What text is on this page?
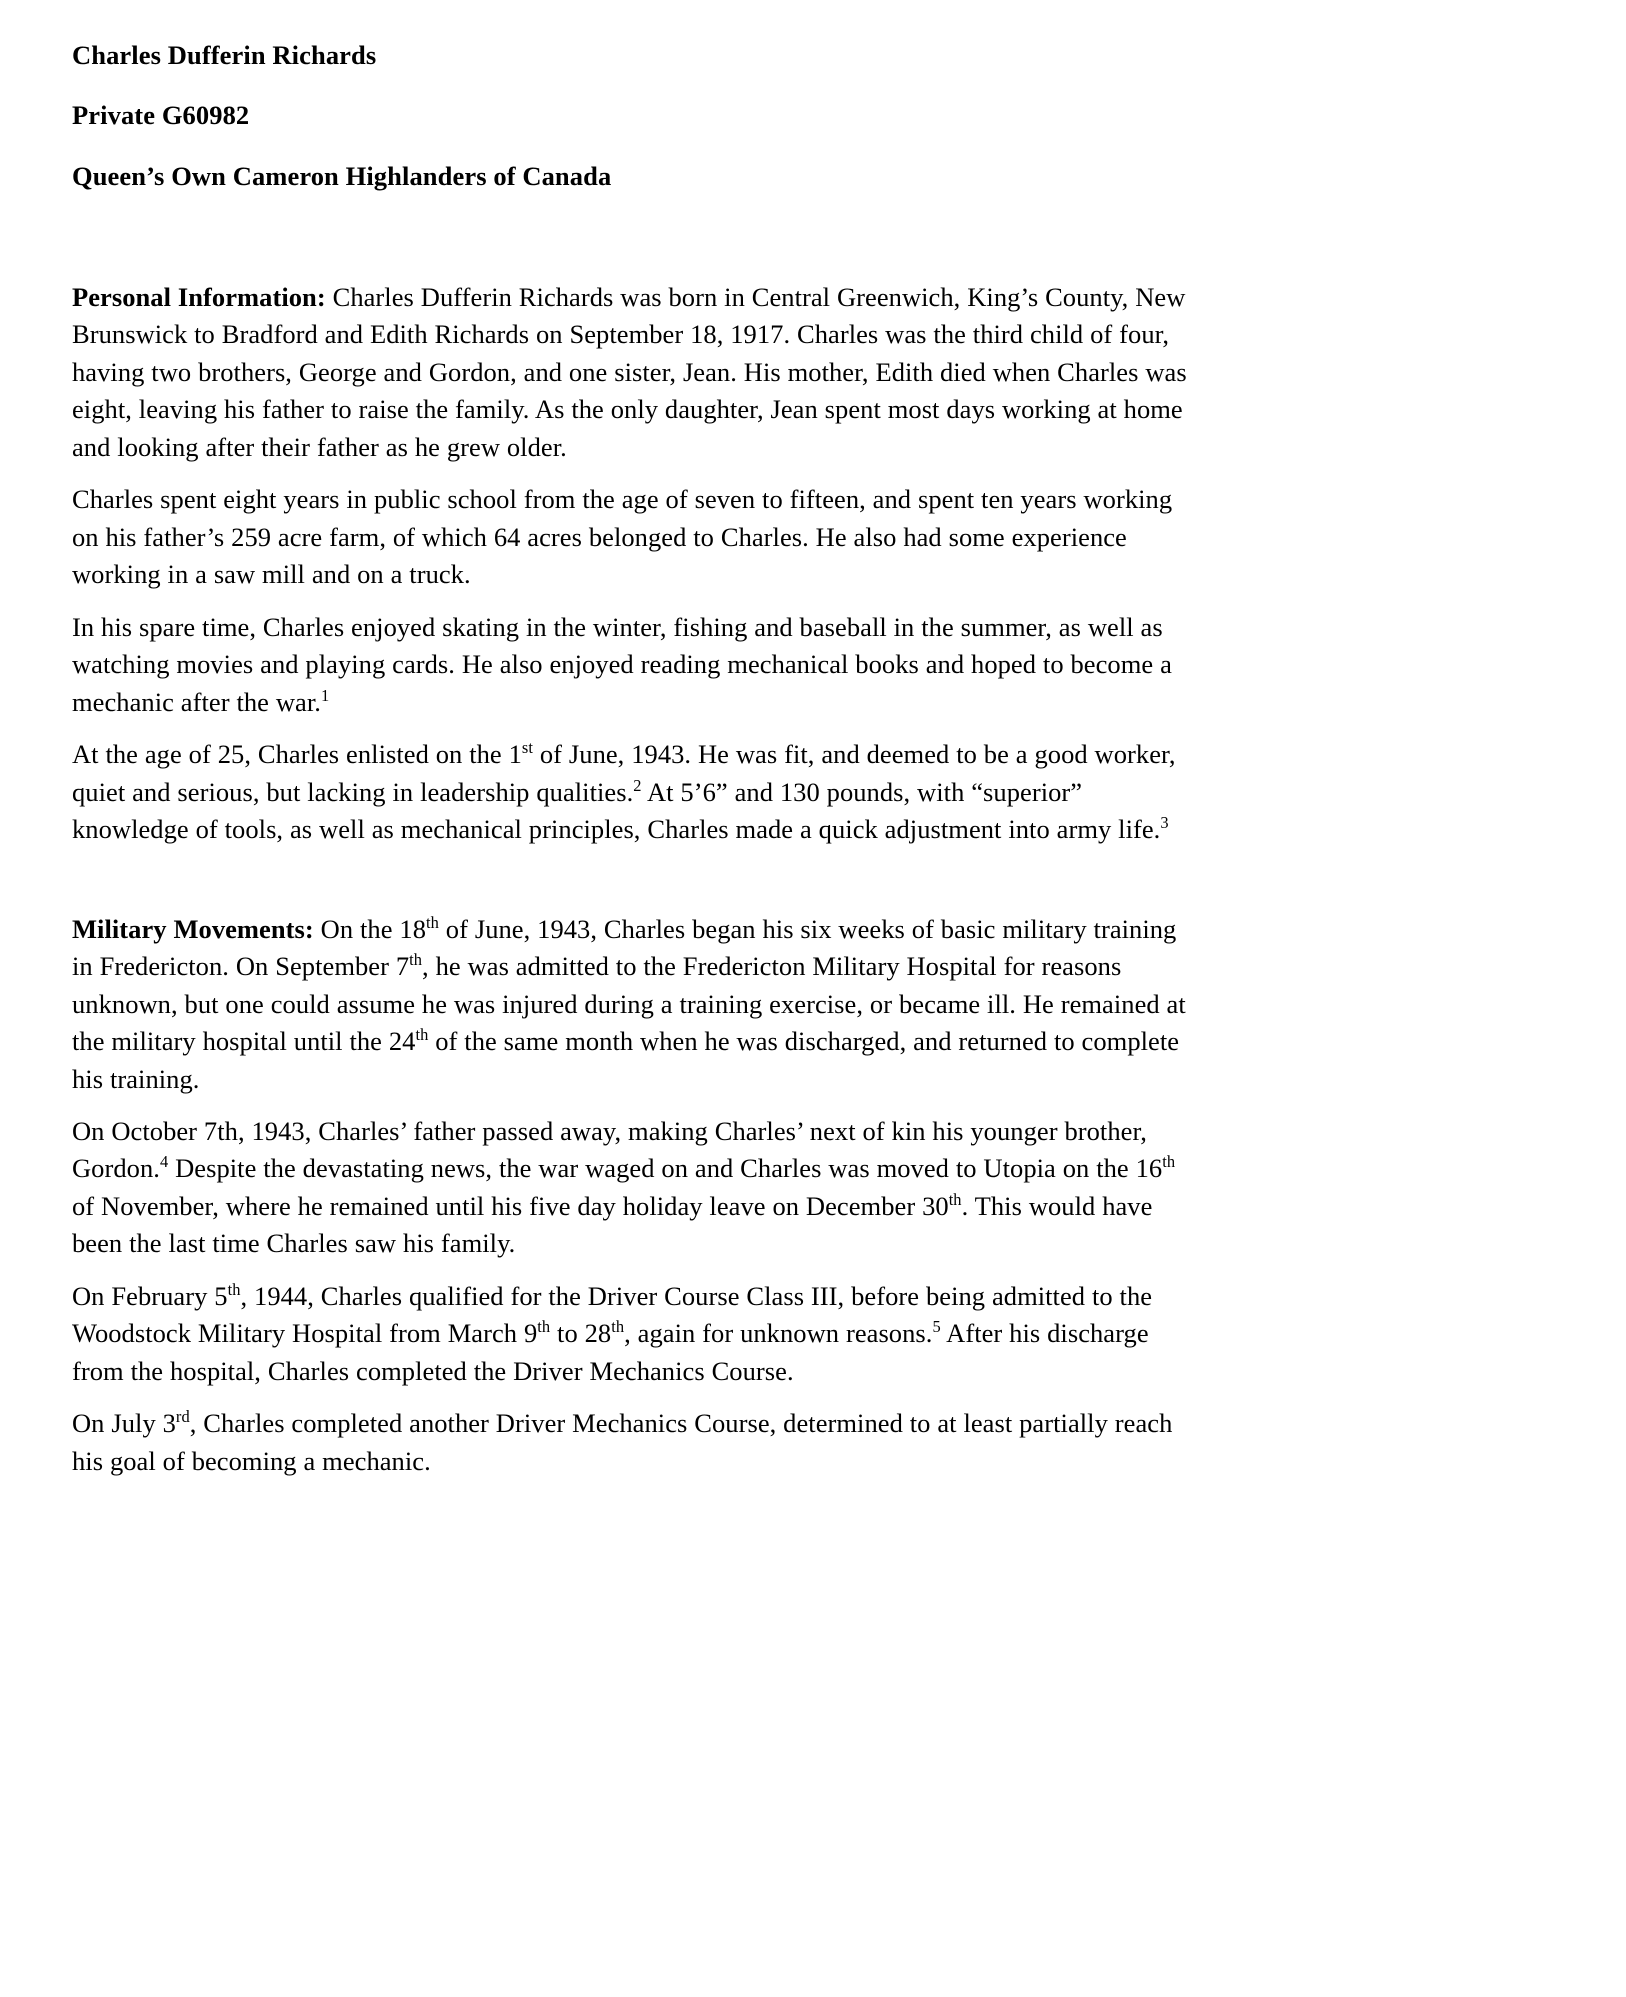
Charles Dufferin Richards
Private G60982
Queen’s Own Cameron Highlanders of Canada

Personal Information: Charles Dufferin Richards was born in Central Greenwich, King’s County, New Brunswick to Bradford and Edith Richards on September 18, 1917. Charles was the third child of four, having two brothers, George and Gordon, and one sister, Jean. His mother, Edith died when Charles was eight, leaving his father to raise the family. As the only daughter, Jean spent most days working at home and looking after their father as he grew older.

Charles spent eight years in public school from the age of seven to fifteen, and spent ten years working on his father’s 259 acre farm, of which 64 acres belonged to Charles. He also had some experience working in a saw mill and on a truck.

In his spare time, Charles enjoyed skating in the winter, fishing and baseball in the summer, as well as watching movies and playing cards. He also enjoyed reading mechanical books and hoped to become a mechanic after the war.$^1$

At the age of 25, Charles enlisted on the 1st of June, 1943. He was fit, and deemed to be a good worker, quiet and serious, but lacking in leadership qualities.$^2$ At 5’6” and 130 pounds, with “superior” knowledge of tools, as well as mechanical principles, Charles made a quick adjustment into army life.$^3$

Military Movements: On the 18th of June, 1943, Charles began his six weeks of basic military training in Fredericton. On September 7th, he was admitted to the Fredericton Military Hospital for reasons unknown, but one could assume he was injured during a training exercise, or became ill. He remained at the military hospital until the 24th of the same month when he was discharged, and returned to complete his training.

On October 7th, 1943, Charles’ father passed away, making Charles’ next of kin his younger brother, Gordon.$^4$ Despite the devastating news, the war waged on and Charles was moved to Utopia on the 16th of November, where he remained until his five day holiday leave on December 30th. This would have been the last time Charles saw his family.

On February 5th, 1944, Charles qualified for the Driver Course Class III, before being admitted to the Woodstock Military Hospital from March 9th to 28th, again for unknown reasons.$^5$ After his discharge from the hospital, Charles completed the Driver Mechanics Course.

On July 3rd, Charles completed another Driver Mechanics Course, determined to at least partially reach his goal of becoming a mechanic.
